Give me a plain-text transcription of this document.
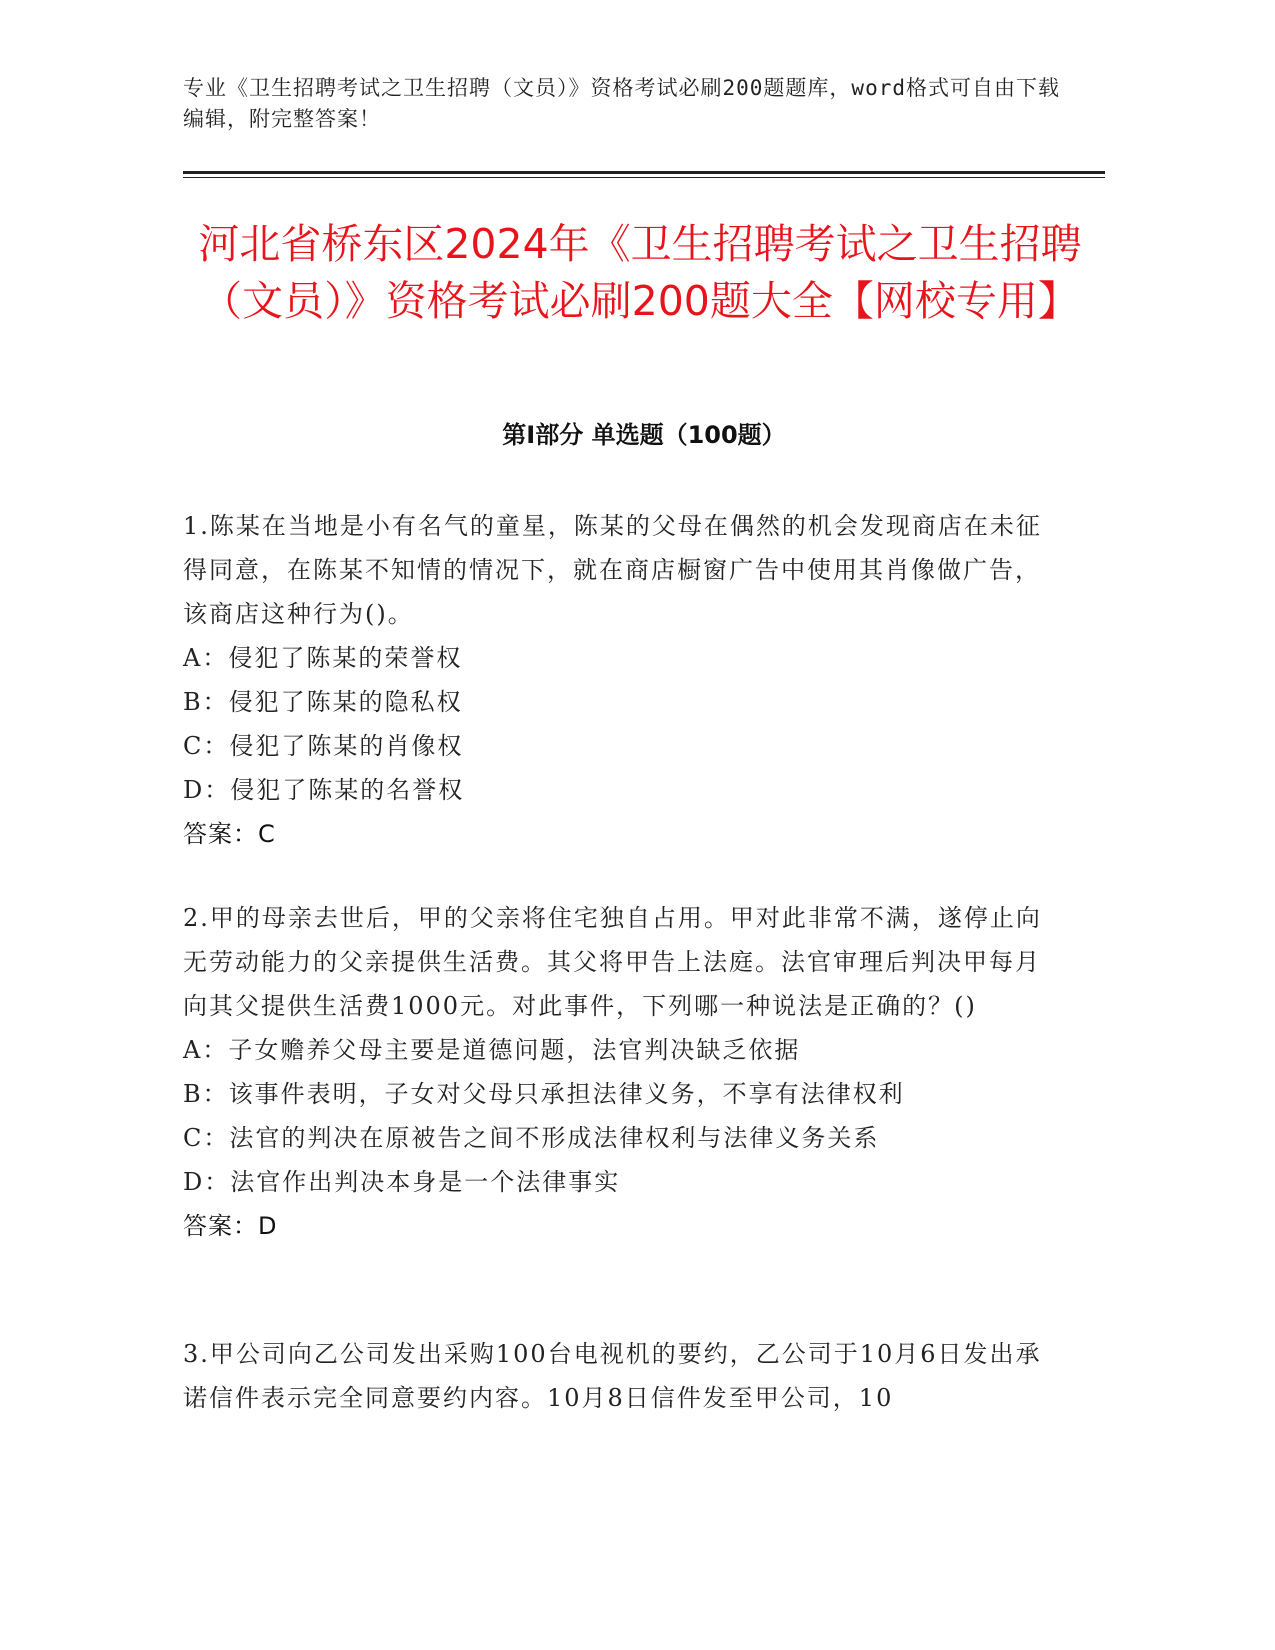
专业《卫生招聘考试之卫生招聘（文员）》资格考试必刷200题题库，word格式可自由下载编辑，附完整答案！
河北省桥东区2024年《卫生招聘考试之卫生招聘（文员）》资格考试必刷200题大全【网校专用】
第I部分 单选题（100题）
1.陈某在当地是小有名气的童星，陈某的父母在偶然的机会发现商店在未征得同意，在陈某不知情的情况下，就在商店橱窗广告中使用其肖像做广告，该商店这种行为()。
A：侵犯了陈某的荣誉权
B：侵犯了陈某的隐私权
C：侵犯了陈某的肖像权
D：侵犯了陈某的名誉权
答案：C
2.甲的母亲去世后，甲的父亲将住宅独自占用。甲对此非常不满，遂停止向无劳动能力的父亲提供生活费。其父将甲告上法庭。法官审理后判决甲每月向其父提供生活费1000元。对此事件，下列哪一种说法是正确的？()
A：子女赡养父母主要是道德问题，法官判决缺乏依据
B：该事件表明，子女对父母只承担法律义务，不享有法律权利
C：法官的判决在原被告之间不形成法律权利与法律义务关系
D：法官作出判决本身是一个法律事实
答案：D
3.甲公司向乙公司发出采购100台电视机的要约，乙公司于10月6日发出承诺信件表示完全同意要约内容。10月8日信件发至甲公司，10
